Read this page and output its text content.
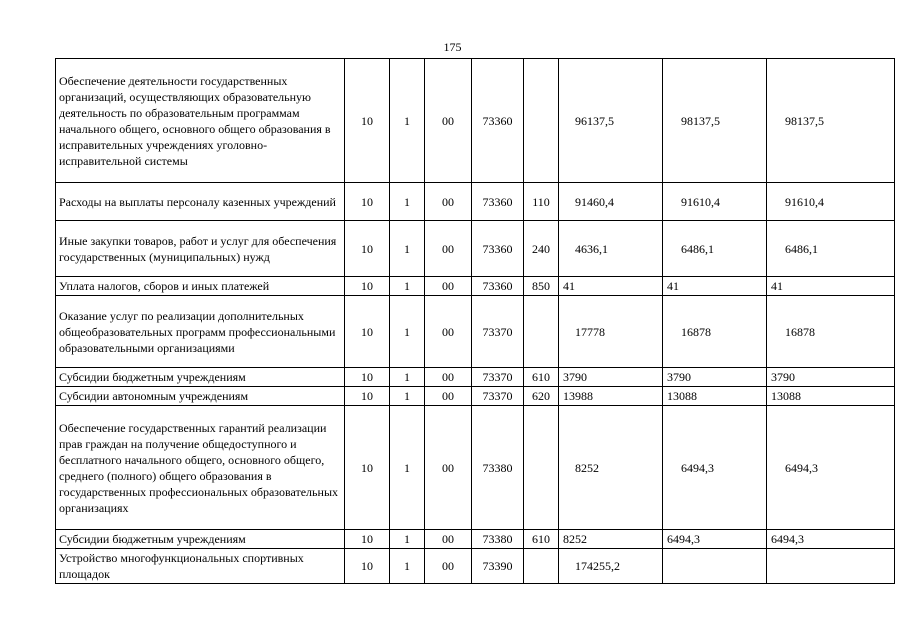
175
Обеспечение деятельности государственных организаций, осуществляющих образовательную деятельность по образовательным программам начального общего, основного общего образования в исправительных учреждениях уголовно-исправительной системы	10	1	00	73360		96137,5	98137,5	98137,5
Расходы на выплаты персоналу казенных учреждений	10	1	00	73360	110	91460,4	91610,4	91610,4
Иные закупки товаров, работ и услуг для обеспечения государственных (муниципальных) нужд	10	1	00	73360	240	4636,1	6486,1	6486,1
Уплата налогов, сборов и иных платежей	10	1	00	73360	850	41	41	41
Оказание услуг по реализации дополнительных общеобразовательных программ профессиональными образовательными организациями	10	1	00	73370		17778	16878	16878
Субсидии бюджетным учреждениям	10	1	00	73370	610	3790	3790	3790
Субсидии автономным учреждениям	10	1	00	73370	620	13988	13088	13088
Обеспечение государственных гарантий реализации прав граждан на получение общедоступного и бесплатного начального общего, основного общего, среднего (полного) общего образования в государственных профессиональных образовательных организациях	10	1	00	73380		8252	6494,3	6494,3
Субсидии бюджетным учреждениям	10	1	00	73380	610	8252	6494,3	6494,3
Устройство многофункциональных спортивных площадок	10	1	00	73390		174255,2		
